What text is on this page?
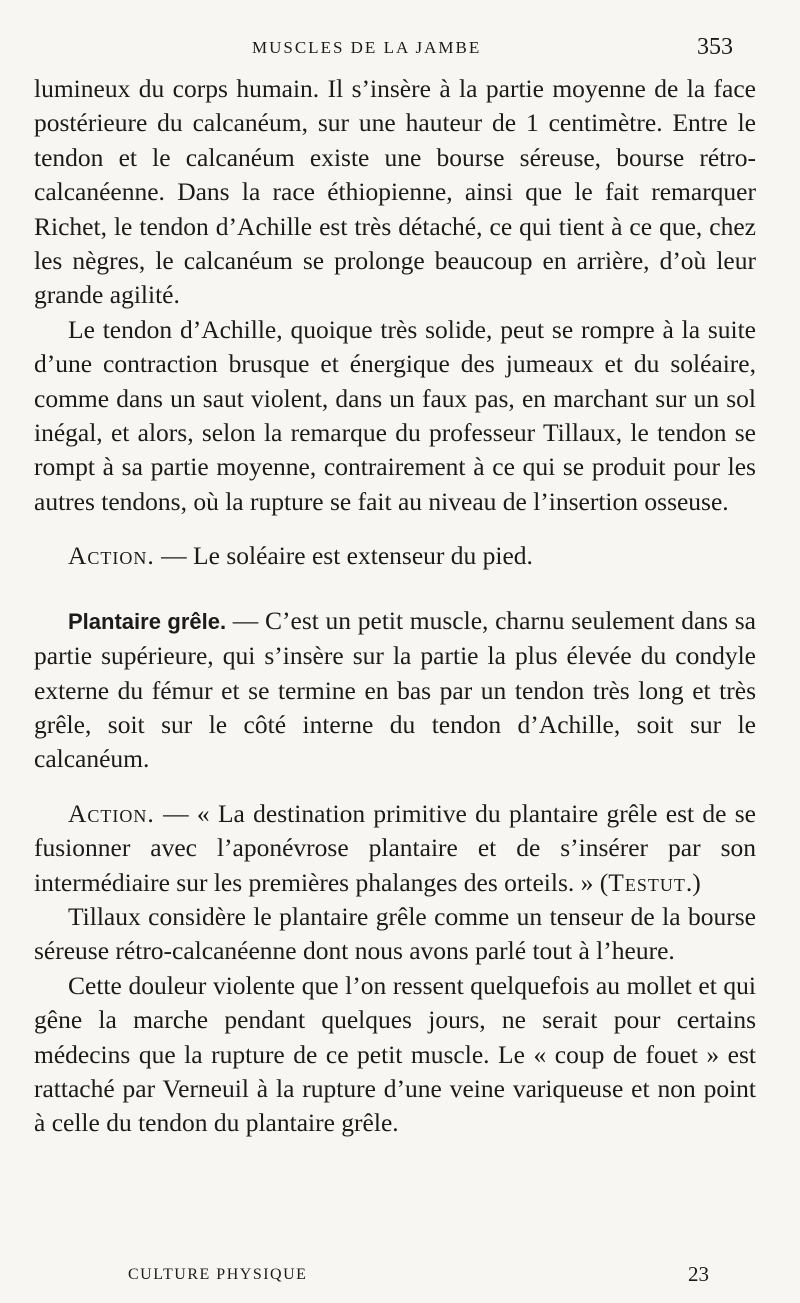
MUSCLES DE LA JAMBE	353

lumineux du corps humain. Il s’insère à la partie moyenne de la face postérieure du calcanéum, sur une hauteur de 1 centimètre. Entre le tendon et le calcanéum existe une bourse séreuse, bourse rétro-calcanéenne. Dans la race éthiopienne, ainsi que le fait remarquer Richet, le tendon d’Achille est très détaché, ce qui tient à ce que, chez les nègres, le calcanéum se prolonge beaucoup en arrière, d’où leur grande agilité.

Le tendon d’Achille, quoique très solide, peut se rompre à la suite d’une contraction brusque et énergique des jumeaux et du soléaire, comme dans un saut violent, dans un faux pas, en marchant sur un sol inégal, et alors, selon la remarque du professeur Tillaux, le tendon se rompt à sa partie moyenne, contrairement à ce qui se produit pour les autres tendons, où la rupture se fait au niveau de l’insertion osseuse.

Action. — Le soléaire est extenseur du pied.

Plantaire grêle. — C’est un petit muscle, charnu seulement dans sa partie supérieure, qui s’insère sur la partie la plus élevée du condyle externe du fémur et se termine en bas par un tendon très long et très grêle, soit sur le côté interne du tendon d’Achille, soit sur le calcanéum.

Action. — « La destination primitive du plantaire grêle est de se fusionner avec l’aponévrose plantaire et de s’insérer par son intermédiaire sur les premières phalanges des orteils. » (Testut.)

Tillaux considère le plantaire grêle comme un tenseur de la bourse séreuse rétro-calcanéenne dont nous avons parlé tout à l’heure.

Cette douleur violente que l’on ressent quelquefois au mollet et qui gêne la marche pendant quelques jours, ne serait pour certains médecins que la rupture de ce petit muscle. Le « coup de fouet » est rattaché par Verneuil à la rupture d’une veine variqueuse et non point à celle du tendon du plantaire grêle.

CULTURE PHYSIQUE	23
